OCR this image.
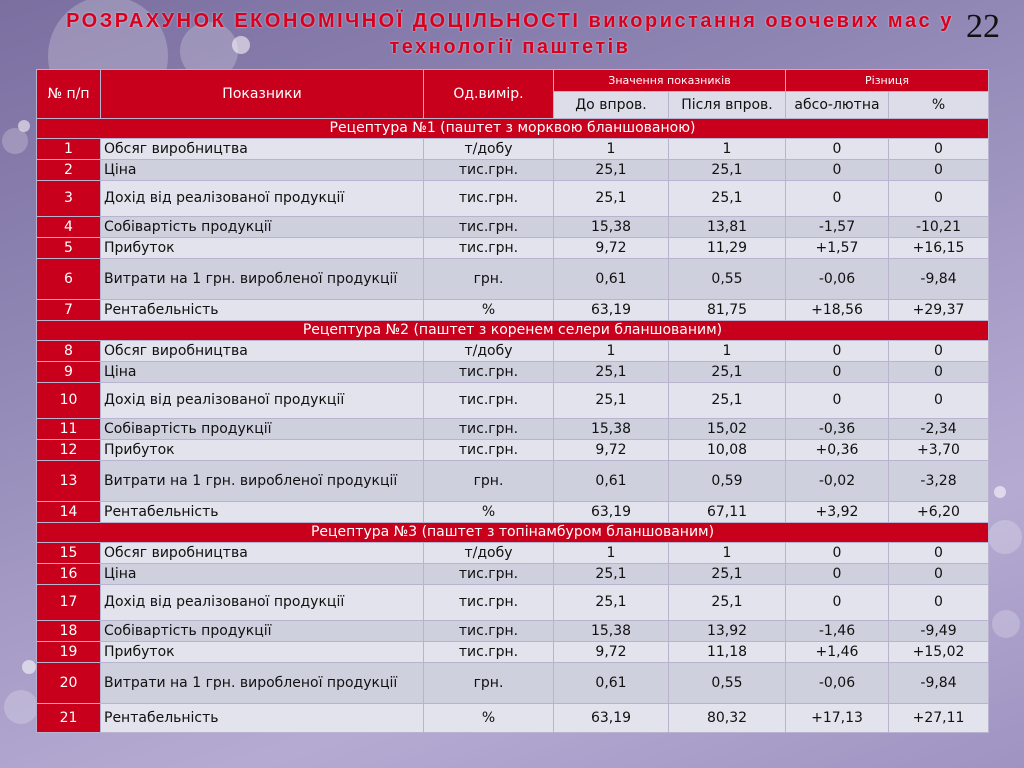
РОЗРАХУНОК ЕКОНОМІЧНОЇ ДОЦІЛЬНОСТІ використання овочевих мас у технології паштетів
22
№ п/п	Показники	Од.вимір.	Значення показників		Різниця	
			До впров.	Після впров.	абсо-лютна	%
Рецептура №1 (паштет з морквою бланшованою)						
1	Обсяг виробництва	т/добу	1	1	0	0
2	Ціна	тис.грн.	25,1	25,1	0	0
3	Дохід від реалізованої продукції	тис.грн.	25,1	25,1	0	0
4	Собівартість продукції	тис.грн.	15,38	13,81	-1,57	-10,21
5	Прибуток	тис.грн.	9,72	11,29	+1,57	+16,15
6	Витрати на 1 грн. виробленої продукції	грн.	0,61	0,55	-0,06	-9,84
7	Рентабельність	%	63,19	81,75	+18,56	+29,37
Рецептура №2 (паштет з коренем селери бланшованим)						
8	Обсяг виробництва	т/добу	1	1	0	0
9	Ціна	тис.грн.	25,1	25,1	0	0
10	Дохід від реалізованої продукції	тис.грн.	25,1	25,1	0	0
11	Собівартість продукції	тис.грн.	15,38	15,02	-0,36	-2,34
12	Прибуток	тис.грн.	9,72	10,08	+0,36	+3,70
13	Витрати на 1 грн. виробленої продукції	грн.	0,61	0,59	-0,02	-3,28
14	Рентабельність	%	63,19	67,11	+3,92	+6,20
Рецептура №3 (паштет з топінамбуром бланшованим)						
15	Обсяг виробництва	т/добу	1	1	0	0
16	Ціна	тис.грн.	25,1	25,1	0	0
17	Дохід від реалізованої продукції	тис.грн.	25,1	25,1	0	0
18	Собівартість продукції	тис.грн.	15,38	13,92	-1,46	-9,49
19	Прибуток	тис.грн.	9,72	11,18	+1,46	+15,02
20	Витрати на 1 грн. виробленої продукції	грн.	0,61	0,55	-0,06	-9,84
21	Рентабельність	%	63,19	80,32	+17,13	+27,11
